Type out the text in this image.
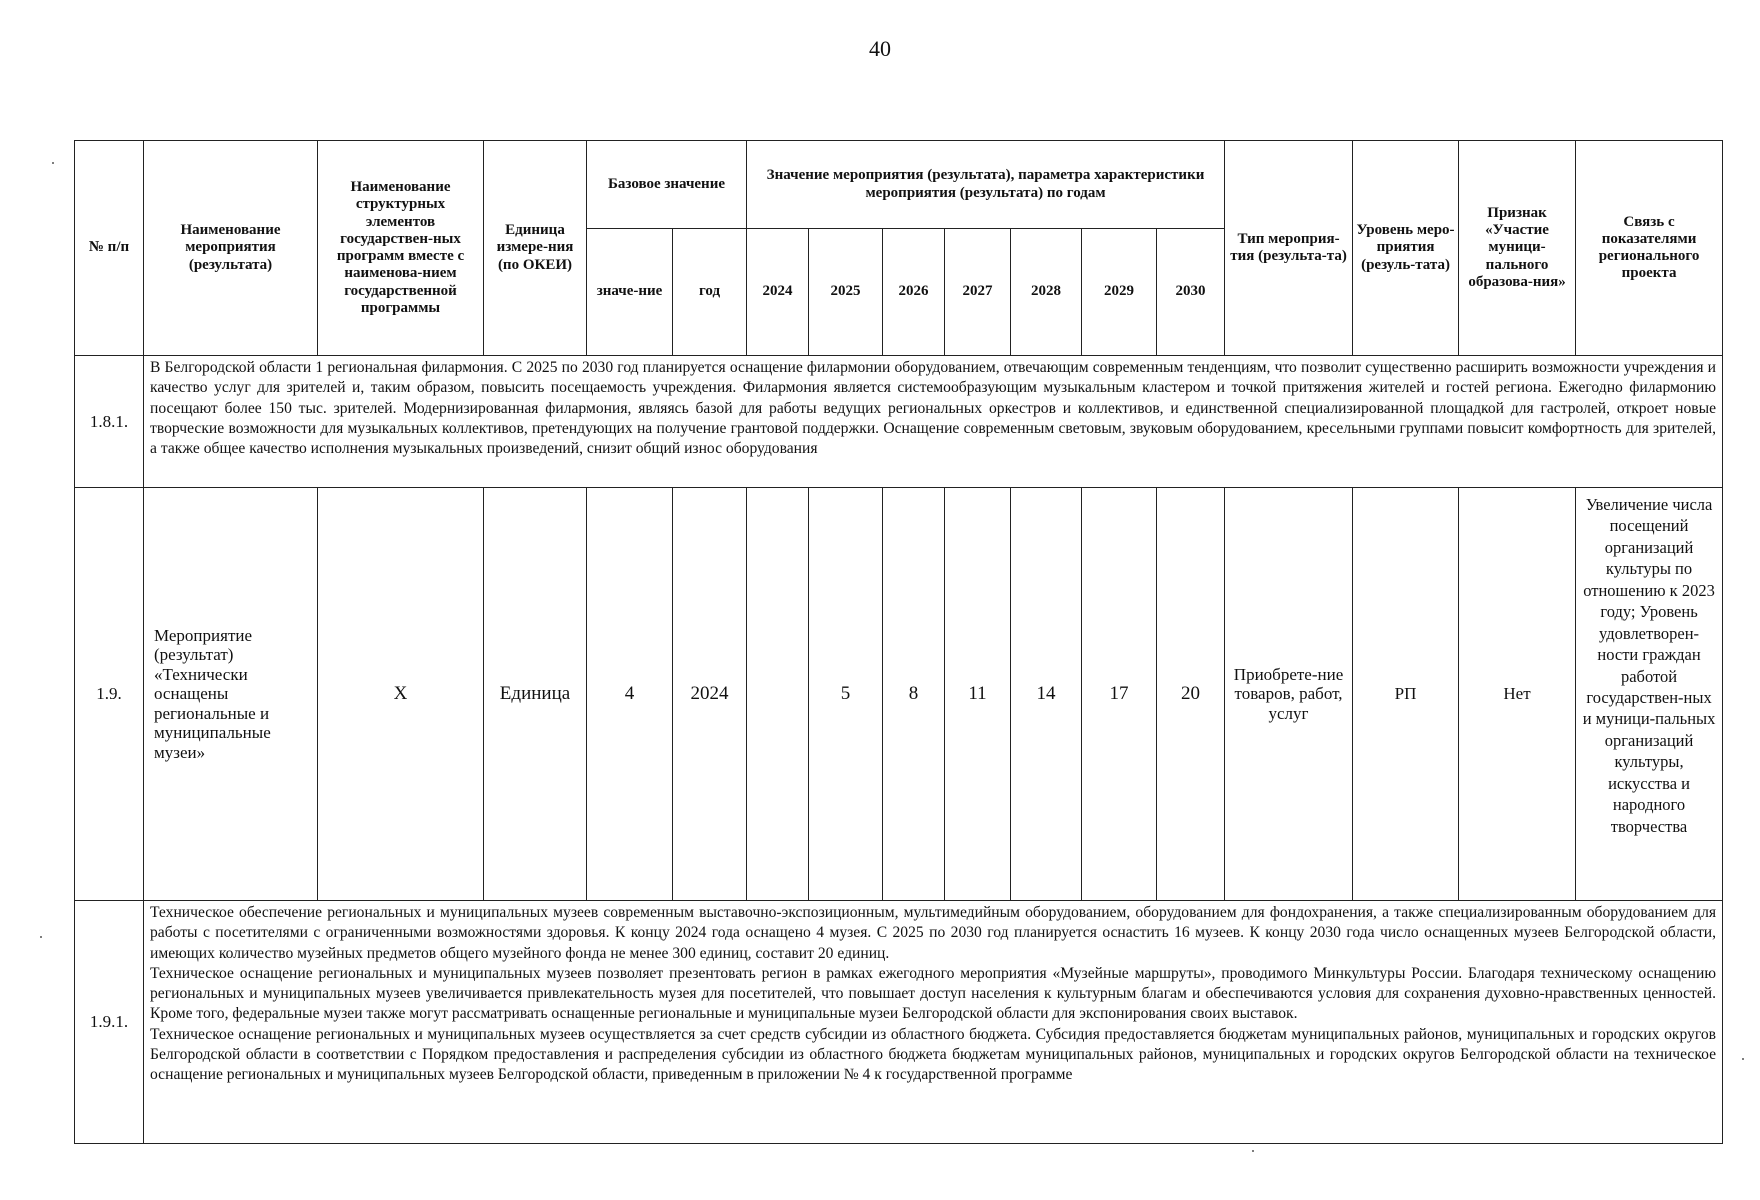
40
№ п/п	Наименование мероприятия (результата)	Наименование структурных элементов государствен-ных программ вместе с наименова-нием государственной программы	Единица измере-ния (по ОКЕИ)	Базовое значение		Значение мероприятия (результата), параметра характеристики мероприятия (результата) по годам							Тип мероприя-тия (результа-та)	Уровень меро-приятия (резуль-тата)	Признак «Участие муници-пального образова-ния»	Связь с показателями регионального проекта
				значе-ние	год	2024	2025	2026	2027	2028	2029	2030				
1.8.1.	В Белгородской области 1 региональная филармония. С 2025 по 2030 год планируется оснащение филармонии оборудованием, отвечающим современным тенденциям, что позволит существенно расширить возможности учреждения и качество услуг для зрителей и, таким образом, повысить посещаемость учреждения. Филармония является системообразующим музыкальным кластером и точкой притяжения жителей и гостей региона. Ежегодно филармонию посещают более 150 тыс. зрителей. Модернизированная филармония, являясь базой для работы ведущих региональных оркестров и коллективов, и единственной специализированной площадкой для гастролей, откроет новые творческие возможности для музыкальных коллективов, претендующих на получение грантовой поддержки. Оснащение современным световым, звуковым оборудованием, кресельными группами повысит комфортность для зрителей, а также общее качество исполнения музыкальных произведений, снизит общий износ оборудования															
1.9.	Мероприятие (результат) «Технически оснащены региональные и муниципальные музеи»	Х	Единица	4	2024		5	8	11	14	17	20	Приобрете-ние товаров, работ, услуг	РП	Нет	Увеличение числа посещений организаций культуры по отношению к 2023 году; Уровень удовлетворен-ности граждан работой государствен-ных и муници-пальных организаций культуры, искусства и народного творчества
1.9.1.	Техническое обеспечение региональных и муниципальных музеев современным выставочно-экспозиционным, мультимедийным оборудованием, оборудованием для фондохранения, а также специализированным оборудованием для работы с посетителями с ограниченными возможностями здоровья. К концу 2024 года оснащено 4 музея. С 2025 по 2030 год планируется оснастить 16 музеев. К концу 2030 года число оснащенных музеев Белгородской области, имеющих количество музейных предметов общего музейного фонда не менее 300 единиц, составит 20 единиц.
Техническое оснащение региональных и муниципальных музеев позволяет презентовать регион в рамках ежегодного мероприятия «Музейные маршруты», проводимого Минкультуры России. Благодаря техническому оснащению региональных и муниципальных музеев увеличивается привлекательность музея для посетителей, что повышает доступ населения к культурным благам и обеспечиваются условия для сохранения духовно-нравственных ценностей. Кроме того, федеральные музеи также могут рассматривать оснащенные региональные и муниципальные музеи Белгородской области для экспонирования своих выставок.
Техническое оснащение региональных и муниципальных музеев осуществляется за счет средств субсидии из областного бюджета. Субсидия предоставляется бюджетам муниципальных районов, муниципальных и городских округов Белгородской области в соответствии с Порядком предоставления и распределения субсидии из областного бюджета бюджетам муниципальных районов, муниципальных и городских округов Белгородской области на техническое оснащение региональных и муниципальных музеев Белгородской области, приведенным в приложении № 4 к государственной программе															
